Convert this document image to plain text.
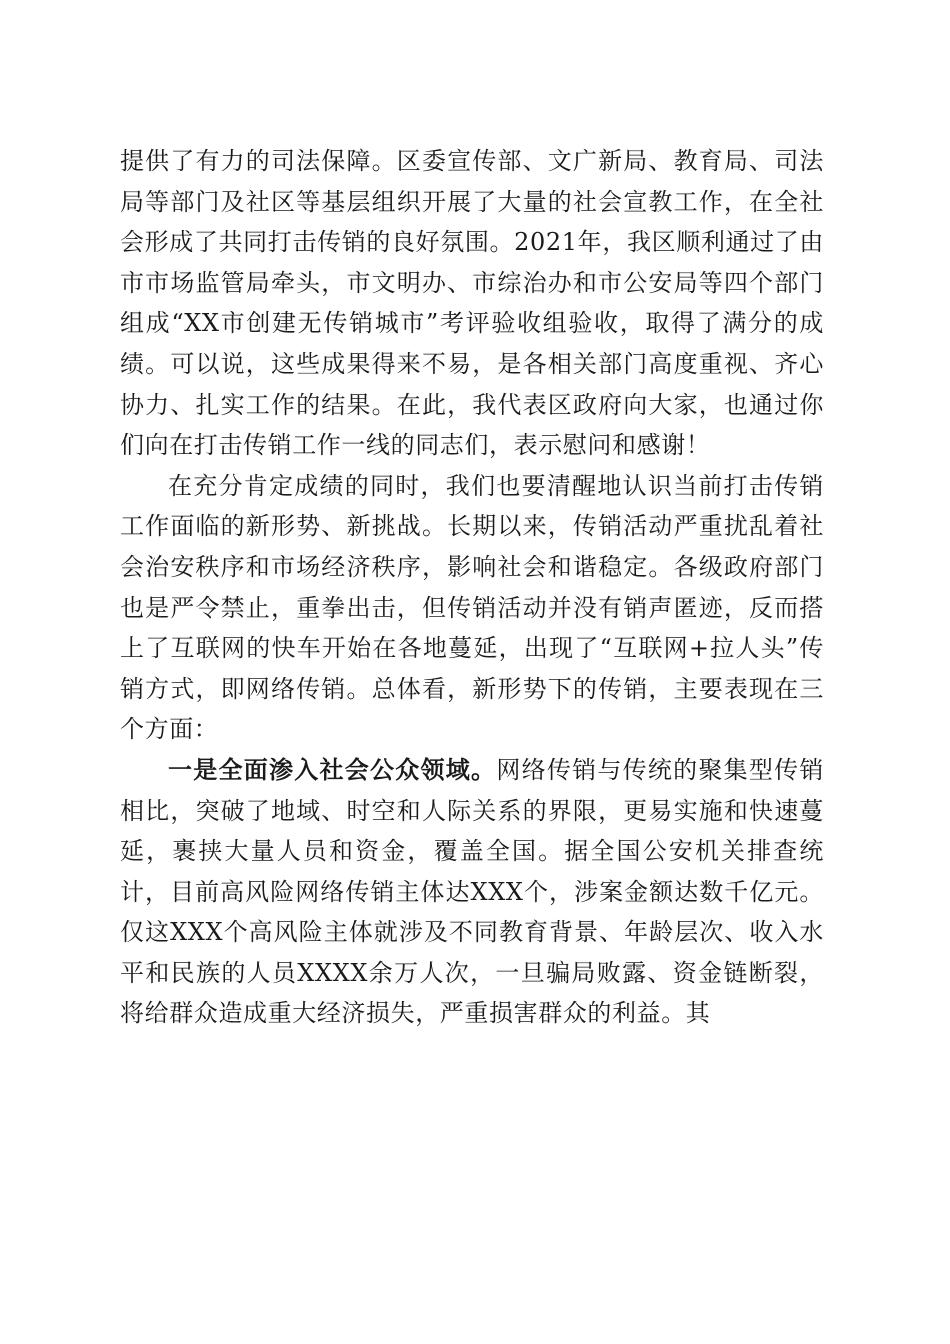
提供了有力的司法保障。区委宣传部、文广新局、教育局、司法局等部门及社区等基层组织开展了大量的社会宣教工作，在全社会形成了共同打击传销的良好氛围。2021年，我区顺利通过了由市市场监管局牵头，市文明办、市综治办和市公安局等四个部门组成“XX市创建无传销城市”考评验收组验收，取得了满分的成绩。可以说，这些成果得来不易，是各相关部门高度重视、齐心协力、扎实工作的结果。在此，我代表区政府向大家，也通过你们向在打击传销工作一线的同志们，表示慰问和感谢！

在充分肯定成绩的同时，我们也要清醒地认识当前打击传销工作面临的新形势、新挑战。长期以来，传销活动严重扰乱着社会治安秩序和市场经济秩序，影响社会和谐稳定。各级政府部门也是严令禁止，重拳出击，但传销活动并没有销声匿迹，反而搭上了互联网的快车开始在各地蔓延，出现了“互联网+拉人头”传销方式，即网络传销。总体看，新形势下的传销，主要表现在三个方面：

一是全面渗入社会公众领域。网络传销与传统的聚集型传销相比，突破了地域、时空和人际关系的界限，更易实施和快速蔓延，裹挟大量人员和资金，覆盖全国。据全国公安机关排查统计，目前高风险网络传销主体达XXX个，涉案金额达数千亿元。仅这XXX个高风险主体就涉及不同教育背景、年龄层次、收入水平和民族的人员XXXX余万人次，一旦骗局败露、资金链断裂，将给群众造成重大经济损失，严重损害群众的利益。其
